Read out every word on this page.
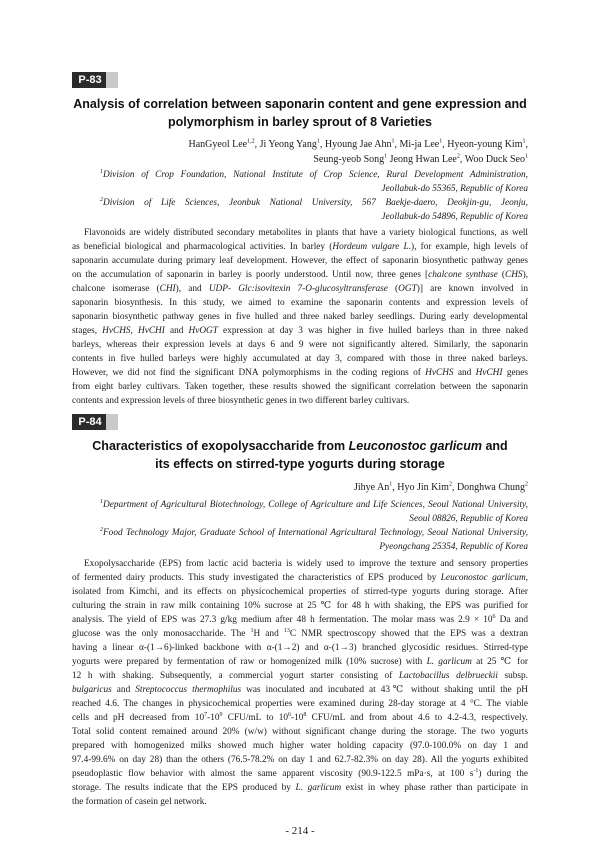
P-83
Analysis of correlation between saponarin content and gene expression and
polymorphism in barley sprout of 8 Varieties
HanGyeol Lee$^{1,2}$, Ji Yeong Yang$^1$, Hyoung Jae Ahn$^1$, Mi-ja Lee$^1$, Hyeon-young Kim$^1$,
Seung-yeob Song$^1$ Jeong Hwan Lee$^2$, Woo Duck Seo$^1$
$^1$Division of Crop Foundation, National Institute of Crop Science, Rural Development Administration,
Jeollabuk-do 55365, Republic of Korea
$^2$Division of Life Sciences, Jeonbuk National University, 567 Baekje-daero, Deokjin-gu, Jeonju,
Jeollabuk-do 54896, Republic of Korea
Flavonoids are widely distributed secondary metabolites in plants that have a variety biological functions, as well
as beneficial biological and pharmacological activities. In barley (Hordeum vulgare L.), for example, high levels of
saponarin accumulate during primary leaf development. However, the effect of saponarin biosynthetic pathway genes
on the accumulation of saponarin in barley is poorly understood. Until now, three genes [chalcone synthase (CHS),
chalcone isomerase (CHI), and UDP- Glc:isovitexin 7-O-glucosyltransferase (OGT)] are known involved in
saponarin biosynthesis. In this study, we aimed to examine the saponarin contents and expression levels of
saponarin biosynthetic pathway genes in five hulled and three naked barley seedlings. During early developmental
stages, HvCHS, HvCHI and HvOGT expression at day 3 was higher in five hulled barleys than in three naked
barleys, whereas their expression levels at days 6 and 9 were not significantly altered. Similarly, the saponarin
contents in five hulled barleys were highly accumulated at day 3, compared with those in three naked barleys.
However, we did not find the significant DNA polymorphisms in the coding regions of HvCHS and HvCHI genes
from eight barley cultivars. Taken together, these results showed the significant correlation between the saponarin
contents and expression levels of three biosynthetic genes in two different barley cultivars.
P-84
Characteristics of exopolysaccharide from Leuconostoc garlicum and
its effects on stirred-type yogurts during storage
Jihye An$^1$, Hyo Jin Kim$^2$, Donghwa Chung$^2$
$^1$Department of Agricultural Biotechnology, College of Agriculture and Life Sciences, Seoul National University,
Seoul 08826, Republic of Korea
$^2$Food Technology Major, Graduate School of International Agricultural Technology, Seoul National University,
Pyeongchang 25354, Republic of Korea
Exopolysaccharide (EPS) from lactic acid bacteria is widely used to improve the texture and sensory properties
of fermented dairy products. This study investigated the characteristics of EPS produced by Leuconostoc garlicum,
isolated from Kimchi, and its effects on physicochemical properties of stirred-type yogurts during storage. After
culturing the strain in raw milk containing 10% sucrose at 25 ℃ for 48 h with shaking, the EPS was purified for
analysis. The yield of EPS was 27.3 g/kg medium after 48 h fermentation. The molar mass was $2.9 \times 10^6$ Da and
glucose was the only monosaccharide. The $^1$H and $^{13}$C NMR spectroscopy showed that the EPS was a dextran
having a linear α-(1→6)-linked backbone with α-(1→2) and α-(1→3) branched glycosidic residues. Stirred-type
yogurts were prepared by fermentation of raw or homogenized milk (10% sucrose) with L. garlicum at 25 ℃ for
12 h with shaking. Subsequently, a commercial yogurt starter consisting of Lactobacillus delbrueckii subsp.
bulgaricus and Streptococcus thermophilus was inoculated and incubated at 43℃ without shaking until the pH
reached 4.6. The changes in physicochemical properties were examined during 28-day storage at 4 °C. The viable
cells and pH decreased from $10^7-10^9$ CFU/mL to $10^6-10^8$ CFU/mL and from about 4.6 to 4.2-4.3, respectively.
Total solid content remained around 20% (w/w) without significant change during the storage. The two yogurts
prepared with homogenized milks showed much higher water holding capacity (97.0-100.0% on day 1 and
97.4-99.6% on day 28) than the others (76.5-78.2% on day 1 and 62.7-82.3% on day 28). All the yogurts exhibited
pseudoplastic flow behavior with almost the same apparent viscosity (90.9-122.5 mPa·s, at 100 $s^{-1}$) during the
storage. The results indicate that the EPS produced by L. garlicum exist in whey phase rather than participate in
the formation of casein gel network.
- 214 -
